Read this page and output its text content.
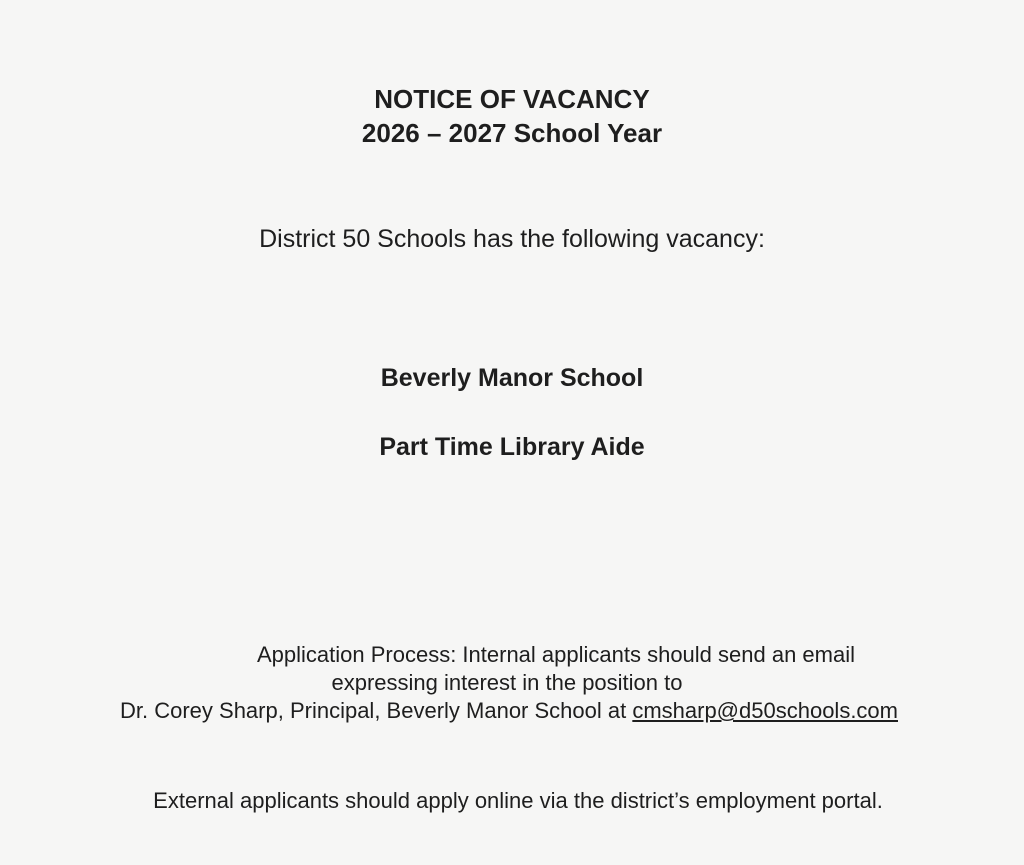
NOTICE OF VACANCY
2026 – 2027 School Year
District 50 Schools has the following vacancy:
Beverly Manor School
Part Time Library Aide
Application Process: Internal applicants should send an email
expressing interest in the position to
Dr. Corey Sharp, Principal, Beverly Manor School at cmsharp@d50schools.com
External applicants should apply online via the district’s employment portal.
